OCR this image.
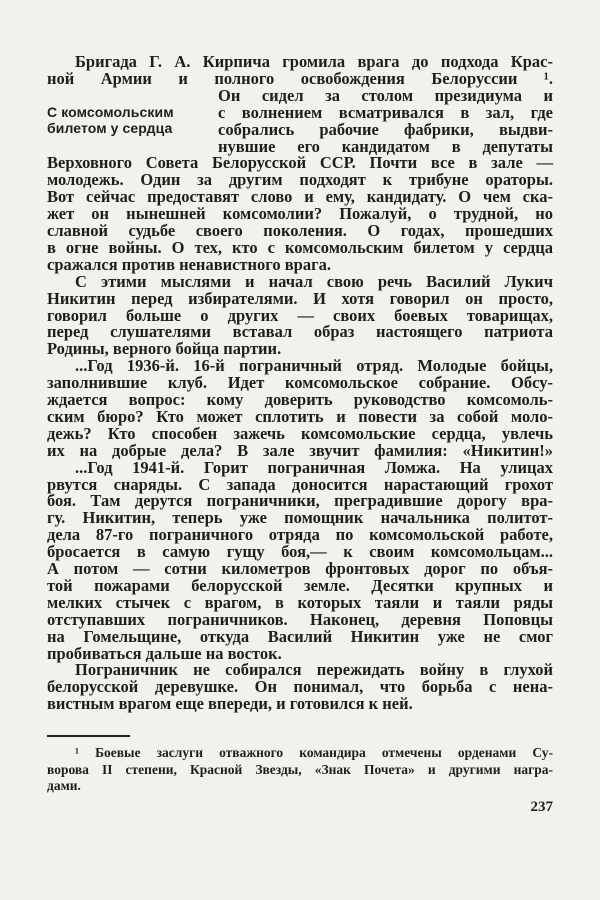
С комсомольским
билетом у сердца
Бригада Г. А. Кирпича громила врага до подхода Крас-
ной Армии и полного освобождения Белоруссии ¹.
Он сидел за столом президиума и
с волнением всматривался в зал, где
собрались рабочие фабрики, выдви-
нувшие его кандидатом в депутаты
Верховного Совета Белорусской ССР. Почти все в зале —
молодежь. Один за другим подходят к трибуне ораторы.
Вот сейчас предоставят слово и ему, кандидату. О чем ска-
жет он нынешней комсомолии? Пожалуй, о трудной, но
славной судьбе своего поколения. О годах, прошедших
в огне войны. О тех, кто с комсомольским билетом у сердца
сражался против ненавистного врага.
С этими мыслями и начал свою речь Василий Лукич
Никитин перед избирателями. И хотя говорил он просто,
говорил больше о других — своих боевых товарищах,
перед слушателями вставал образ настоящего патриота
Родины, верного бойца партии.
...Год 1936-й. 16-й пограничный отряд. Молодые бойцы,
заполнившие клуб. Идет комсомольское собрание. Обсу-
ждается вопрос: кому доверить руководство комсомоль-
ским бюро? Кто может сплотить и повести за собой моло-
дежь? Кто способен зажечь комсомольские сердца, увлечь
их на добрые дела? В зале звучит фамилия: «Никитин!»
...Год 1941-й. Горит пограничная Ломжа. На улицах
рвутся снаряды. С запада доносится нарастающий грохот
боя. Там дерутся пограничники, преградившие дорогу вра-
гу. Никитин, теперь уже помощник начальника политот-
дела 87-го пограничного отряда по комсомольской работе,
бросается в самую гущу боя,— к своим комсомольцам...
А потом — сотни километров фронтовых дорог по объя-
той пожарами белорусской земле. Десятки крупных и
мелких стычек с врагом, в которых таяли и таяли ряды
отступавших пограничников. Наконец, деревня Поповцы
на Гомельщине, откуда Василий Никитин уже не смог
пробиваться дальше на восток.
Пограничник не собирался пережидать войну в глухой
белорусской деревушке. Он понимал, что борьба с нена-
вистным врагом еще впереди, и готовился к ней.
¹ Боевые заслуги отважного командира отмечены орденами Су-
ворова II степени, Красной Звезды, «Знак Почета» и другими награ-
дами.
237
